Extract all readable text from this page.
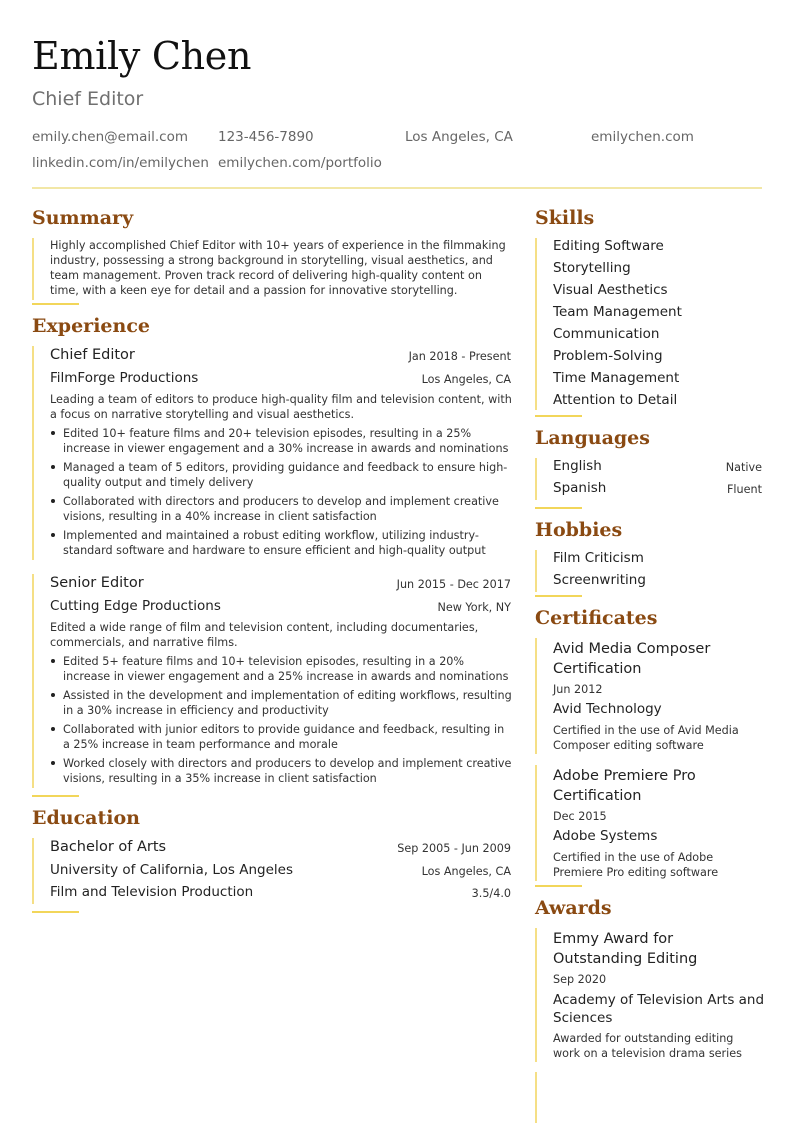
Emily Chen
Chief Editor
emily.chen@email.com 123-456-7890	Los Angeles, CA	emilychen.com
linkedin.com/in/emilychen emilychen.com/portfolio
Summary
Highly accomplished Chief Editor with 10+ years of experience in the filmmaking industry, possessing a strong background in storytelling, visual aesthetics, and team management. Proven track record of delivering high-quality content on time, with a keen eye for detail and a passion for innovative storytelling.
Experience
Chief Editor	Jan 2018 - Present
FilmForge Productions	Los Angeles, CA
Leading a team of editors to produce high-quality film and television content, with a focus on narrative storytelling and visual aesthetics.
Edited 10+ feature films and 20+ television episodes, resulting in a 25% increase in viewer engagement and a 30% increase in awards and nominations
Managed a team of 5 editors, providing guidance and feedback to ensure high-quality output and timely delivery
Collaborated with directors and producers to develop and implement creative visions, resulting in a 40% increase in client satisfaction
Implemented and maintained a robust editing workflow, utilizing industry-standard software and hardware to ensure efficient and high-quality output
Senior Editor	Jun 2015 - Dec 2017
Cutting Edge Productions	New York, NY
Edited a wide range of film and television content, including documentaries, commercials, and narrative films.
Edited 5+ feature films and 10+ television episodes, resulting in a 20% increase in viewer engagement and a 25% increase in awards and nominations
Assisted in the development and implementation of editing workflows, resulting in a 30% increase in efficiency and productivity
Collaborated with junior editors to provide guidance and feedback, resulting in a 25% increase in team performance and morale
Worked closely with directors and producers to develop and implement creative visions, resulting in a 35% increase in client satisfaction
Education
Bachelor of Arts	Sep 2005 - Jun 2009
University of California, Los Angeles	Los Angeles, CA
Film and Television Production	3.5/4.0
Skills
Editing Software
Storytelling
Visual Aesthetics
Team Management
Communication
Problem-Solving
Time Management
Attention to Detail
Languages
English	Native
Spanish	Fluent
Hobbies
Film Criticism
Screenwriting
Certificates
Avid Media Composer Certification
Jun 2012
Avid Technology
Certified in the use of Avid Media Composer editing software
Adobe Premiere Pro Certification
Dec 2015
Adobe Systems
Certified in the use of Adobe Premiere Pro editing software
Awards
Emmy Award for Outstanding Editing
Sep 2020
Academy of Television Arts and Sciences
Awarded for outstanding editing work on a television drama series
